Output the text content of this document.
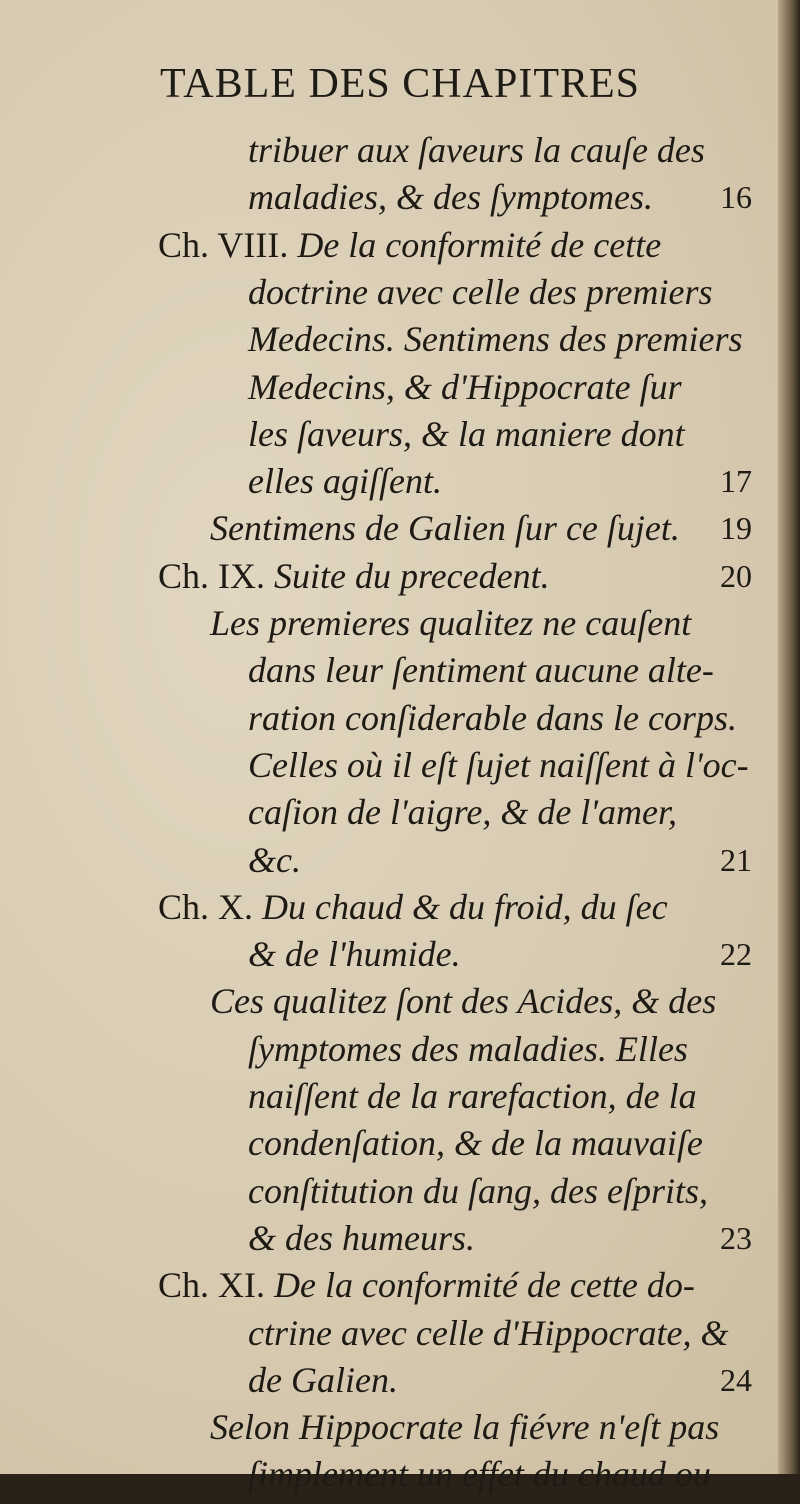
TABLE DES CHAPITRES
tribuer aux ſaveurs la cauſe des
maladies, & des ſymptomes. 16
Ch. VIII. De la conformité de cette
doctrine avec celle des premiers
Medecins. Sentimens des premiers
Medecins, & d'Hippocrate ſur
les ſaveurs, & la maniere dont
elles agiſſent.	17
Sentimens de Galien ſur ce ſujet. 19
Ch. IX. Suite du precedent.	20
Les premieres qualitez ne cauſent
dans leur ſentiment aucune alte-
ration conſiderable dans le corps.
Celles où il eſt ſujet naiſſent à l'oc-
caſion de l'aigre, & de l'amer,
&c.	21
Ch. X. Du chaud & du froid, du ſec
& de l'humide.	22
Ces qualitez ſont des Acides, & des
ſymptomes des maladies. Elles
naiſſent de la rarefaction, de la
condenſation, & de la mauvaiſe
conſtitution du ſang, des eſprits,
& des humeurs.	23
Ch. XI. De la conformité de cette do-
ctrine avec celle d'Hippocrate, &
de Galien.	24
Selon Hippocrate la fiévre n'eſt pas
ſimplement un effet du chaud ou
